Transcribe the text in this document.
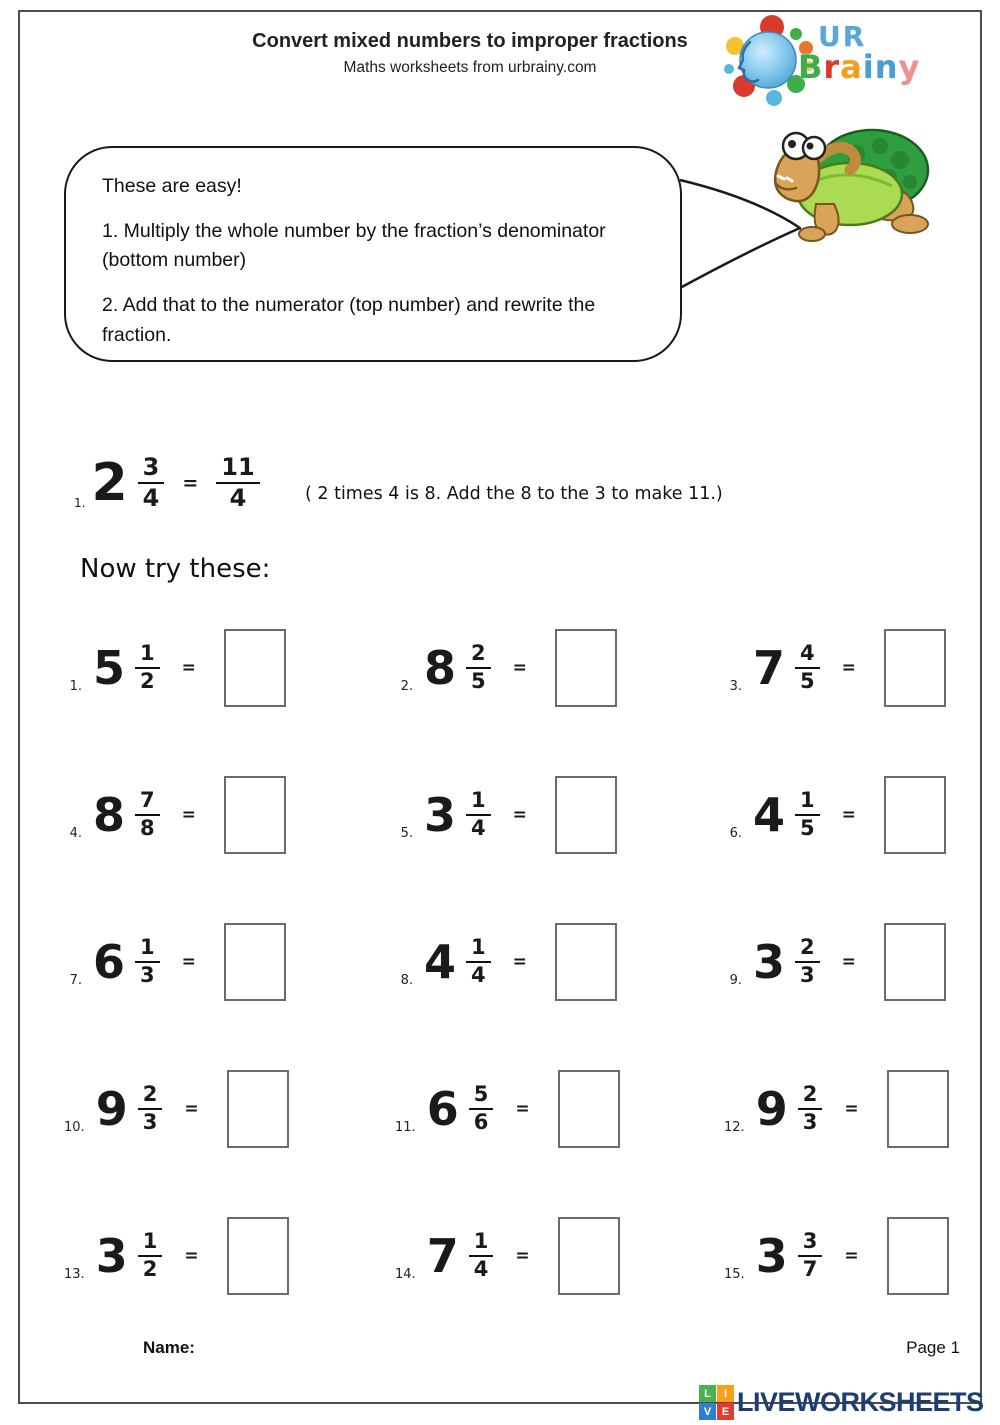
Convert mixed numbers to improper fractions
Maths worksheets from urbrainy.com
UR
Brainy

These are easy!

1. Multiply the whole number by the fraction’s denominator (bottom number)

2. Add that to the numerator (top number) and rewrite the fraction.

1. $2 \frac{3}{4} = \frac{11}{4}$	( 2 times 4 is 8. Add the 8 to the 3 to make 11.)
Now try these:
1. $5 \frac{1}{2}$ =
2. $8 \frac{2}{5}$ =
3. $7 \frac{4}{5}$ =
4. $8 \frac{7}{8}$ =
5. $3 \frac{1}{4}$ =
6. $4 \frac{1}{5}$ =
7. $6 \frac{1}{3}$ =
8. $4 \frac{1}{4}$ =
9. $3 \frac{2}{3}$ =
10. $9 \frac{2}{3}$ =
11. $6 \frac{5}{6}$ =
12. $9 \frac{2}{3}$ =
13. $3 \frac{1}{2}$ =
14. $7 \frac{1}{4}$ =
15. $3 \frac{3}{7}$ =
Name:	Page 1
L	I
V E LIVEWORKSHEETS
